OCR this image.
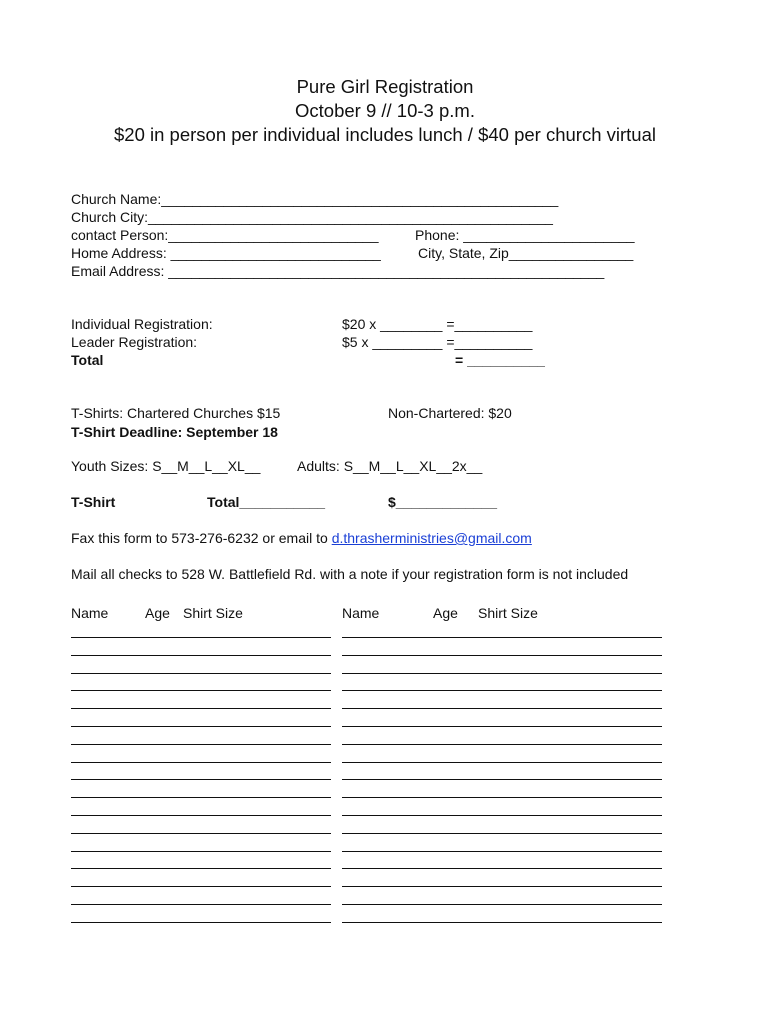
Pure Girl Registration
October 9 // 10-3 p.m.
$20 in person per individual includes lunch / $40 per church virtual
Church Name:___________________________________________________
Church City:____________________________________________________
contact Person:___________________________	Phone: ______________________
Home Address: ___________________________	City, State, Zip________________
Email Address: ________________________________________________________
Individual Registration:	$20 x ________ =__________
Leader Registration:	$5 x _________ =__________
Total	= __________
T-Shirts: Chartered Churches $15	Non-Chartered: $20
T-Shirt Deadline: September 18
Youth Sizes: S__M__L__XL__	Adults: S__M__L__XL__2x__
T-Shirt	Total___________	$_____________
Fax this form to 573-276-6232 or email to d.thrasherministries@gmail.com
Mail all checks to 528 W. Battlefield Rd. with a note if your registration form is not included
Name	Age Shirt Size	Name	Age Shirt Size
